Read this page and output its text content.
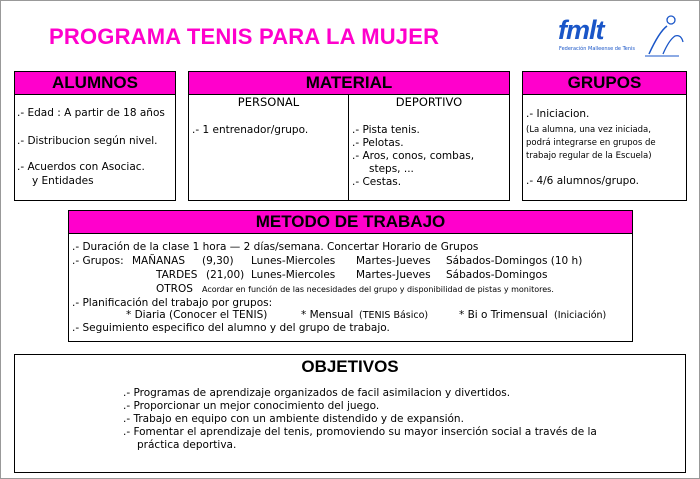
PROGRAMA TENIS PARA LA MUJER	fmlt
Federación Malleense de Tenis
ALUMNOS
.- Edad : A partir de 18 años
.- Distribucion según nivel.
.- Acuerdos con Asociac.
y Entidades
MATERIAL
PERSONAL
.- 1 entrenador/grupo.
DEPORTIVO
.- Pista tenis.
.- Pelotas.
.- Aros, conos, combas,
steps, ...
.- Cestas.
GRUPOS
.- Iniciacion.
(La alumna, una vez iniciada,
podrá integrarse en grupos de
trabajo regular de la Escuela)
.- 4/6 alumnos/grupo.
METODO DE TRABAJO
.- Duración de la clase 1 hora — 2 días/semana. Concertar Horario de Grupos
.- Grupos: MAÑANAS (9,30) Lunes-Miercoles Martes-Jueves Sábados-Domingos (10 h)
TARDES (21,00) Lunes-Miercoles Martes-Jueves Sábados-Domingos
OTROS Acordar en función de las necesidades del grupo y disponibilidad de pistas y monitores.
.- Planificación del trabajo por grupos:
* Diaria (Conocer el TENIS)	* Mensual (TENIS Básico)	* Bi o Trimensual (Iniciación)
.- Seguimiento especifico del alumno y del grupo de trabajo.
OBJETIVOS
.- Programas de aprendizaje organizados de facil asimilacion y divertidos.
.- Proporcionar un mejor conocimiento del juego.
.- Trabajo en equipo con un ambiente distendido y de expansión.
.- Fomentar el aprendizaje del tenis, promoviendo su mayor inserción social a través de la
práctica deportiva.
